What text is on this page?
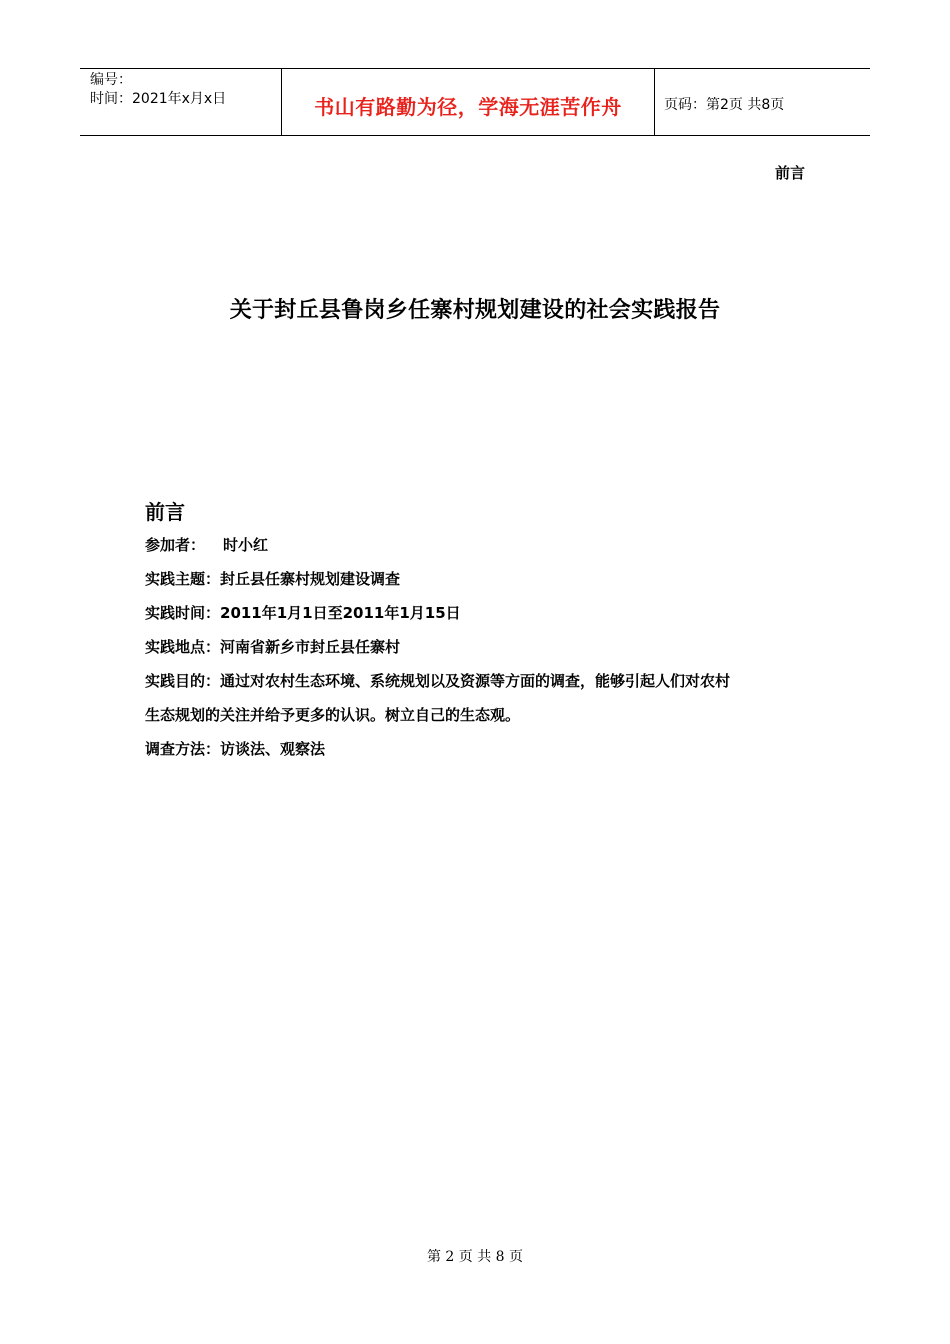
编号：
时间：2021年x月x日	书山有路勤为径，学海无涯苦作舟	页码：第2页 共8页
前言
关于封丘县鲁岗乡任寨村规划建设的社会实践报告
前言
参加者： 时小红
实践主题：封丘县任寨村规划建设调查
实践时间：2011年1月1日至2011年1月15日
实践地点：河南省新乡市封丘县任寨村
实践目的：通过对农村生态环境、系统规划以及资源等方面的调查，能够引起人们对农村
生态规划的关注并给予更多的认识。树立自己的生态观。
调查方法：访谈法、观察法
第 2 页 共 8 页
